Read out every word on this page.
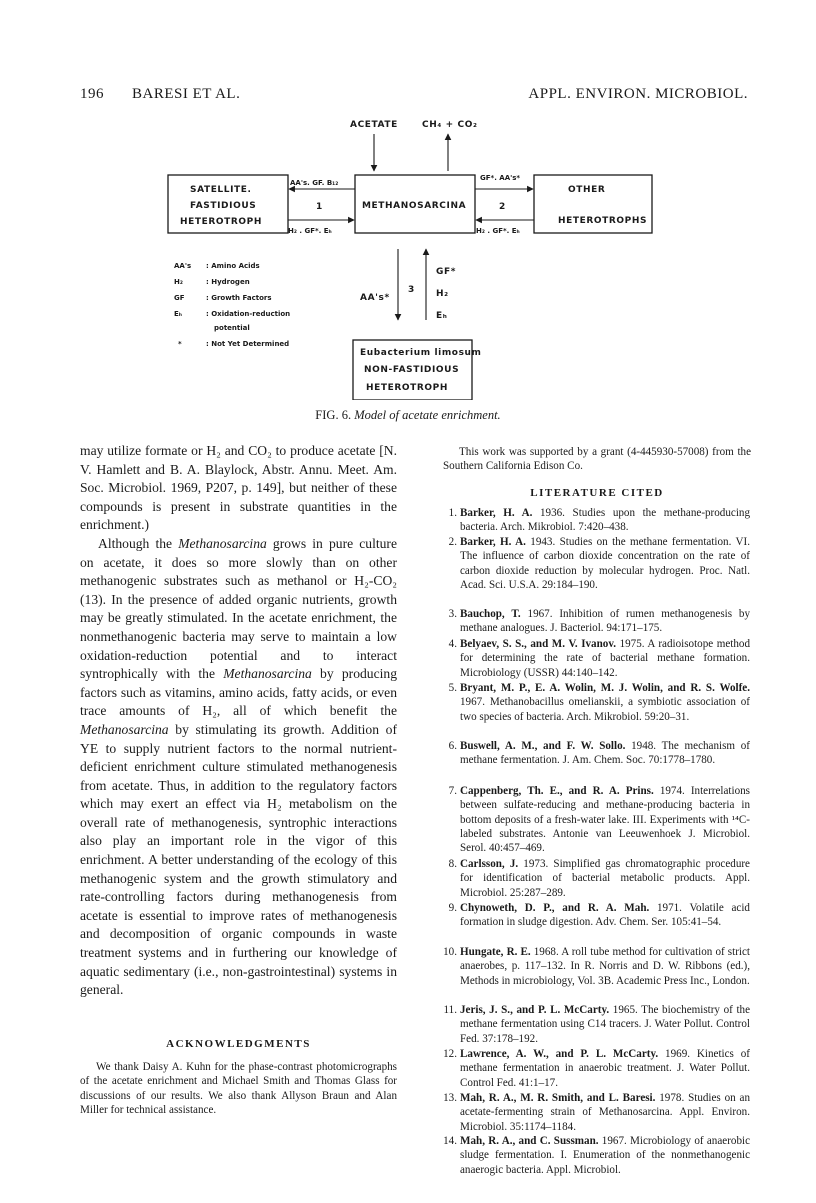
196 BARESI ET AL.	APPL. ENVIRON. MICROBIOL.
ACETATE	CH₄ + CO₂
SATELLITE.
FASTIDIOUS
HETEROTROPH
METHANOSARCINA
OTHER
HETEROTROPHS
Eubacterium limosum
NON-FASTIDIOUS
HETEROTROPH
AA's. GF. B₁₂
1
H₂ . GF*. Eₕ
GF*. AA's*
2
H₂ . GF*. Eₕ
AA's*
3
GF*
H₂
Eₕ
AA's : Amino Acids
H₂	: Hydrogen
GF	: Growth Factors
Eₕ	: Oxidation-reduction
potential
*	: Not Yet Determined
FIG. 6. Model of acetate enrichment.

may utilize formate or H₂ and CO₂ to produce acetate [N. V. Hamlett and B. A. Blaylock, Abstr. Annu. Meet. Am. Soc. Microbiol. 1969, P207, p. 149], but neither of these compounds is present in substrate quantities in the enrichment.)

Although the Methanosarcina grows in pure culture on acetate, it does so more slowly than on other methanogenic substrates such as methanol or H₂-CO₂ (13). In the presence of added organic nutrients, growth may be greatly stimulated. In the acetate enrichment, the nonmethanogenic bacteria may serve to maintain a low oxidation-reduction potential and to interact syntrophically with the Methanosarcina by producing factors such as vitamins, amino acids, fatty acids, or even trace amounts of H₂, all of which benefit the Methanosarcina by stimulating its growth. Addition of YE to supply nutrient factors to the normal nutrient-deficient enrichment culture stimulated methanogenesis from acetate. Thus, in addition to the regulatory factors which may exert an effect via H₂ metabolism on the overall rate of methanogenesis, syntrophic interactions also play an important role in the vigor of this enrichment. A better understanding of the ecology of this methanogenic system and the growth stimulatory and rate-controlling factors during methanogenesis from acetate is essential to improve rates of methanogenesis and decomposition of organic compounds in waste treatment systems and in furthering our knowledge of aquatic sedimentary (i.e., non-gastrointestinal) systems in general.

ACKNOWLEDGMENTS
We thank Daisy A. Kuhn for the phase-contrast photomicrographs of the acetate enrichment and Michael Smith and Thomas Glass for discussions of our results. We also thank Allyson Braun and Alan Miller for technical assistance.
This work was supported by a grant (4-445930-57008) from the Southern California Edison Co.
LITERATURE CITED
1. Barker, H. A. 1936. Studies upon the methane-producing bacteria. Arch. Mikrobiol. 7:420–438.
2. Barker, H. A. 1943. Studies on the methane fermentation. VI. The influence of carbon dioxide concentration on the rate of carbon dioxide reduction by molecular hydrogen. Proc. Natl. Acad. Sci. U.S.A. 29:184–190.
3. Bauchop, T. 1967. Inhibition of rumen methanogenesis by methane analogues. J. Bacteriol. 94:171–175.
4. Belyaev, S. S., and M. V. Ivanov. 1975. A radioisotope method for determining the rate of bacterial methane formation. Microbiology (USSR) 44:140–142.
5. Bryant, M. P., E. A. Wolin, M. J. Wolin, and R. S. Wolfe. 1967. Methanobacillus omelianskii, a symbiotic association of two species of bacteria. Arch. Mikrobiol. 59:20–31.
6. Buswell, A. M., and F. W. Sollo. 1948. The mechanism of methane fermentation. J. Am. Chem. Soc. 70:1778–1780.
7. Cappenberg, Th. E., and R. A. Prins. 1974. Interrelations between sulfate-reducing and methane-producing bacteria in bottom deposits of a fresh-water lake. III. Experiments with ¹⁴C-labeled substrates. Antonie van Leeuwenhoek J. Microbiol. Serol. 40:457–469.
8. Carlsson, J. 1973. Simplified gas chromatographic procedure for identification of bacterial metabolic products. Appl. Microbiol. 25:287–289.
9. Chynoweth, D. P., and R. A. Mah. 1971. Volatile acid formation in sludge digestion. Adv. Chem. Ser. 105:41–54.
10. Hungate, R. E. 1968. A roll tube method for cultivation of strict anaerobes, p. 117–132. In R. Norris and D. W. Ribbons (ed.), Methods in microbiology, Vol. 3B. Academic Press Inc., London.
11. Jeris, J. S., and P. L. McCarty. 1965. The biochemistry of the methane fermentation using C14 tracers. J. Water Pollut. Control Fed. 37:178–192.
12. Lawrence, A. W., and P. L. McCarty. 1969. Kinetics of methane fermentation in anaerobic treatment. J. Water Pollut. Control Fed. 41:1–17.
13. Mah, R. A., M. R. Smith, and L. Baresi. 1978. Studies on an acetate-fermenting strain of Methanosarcina. Appl. Environ. Microbiol. 35:1174–1184.
14. Mah, R. A., and C. Sussman. 1967. Microbiology of anaerobic sludge fermentation. I. Enumeration of the nonmethanogenic anaerogic bacteria. Appl. Microbiol.
